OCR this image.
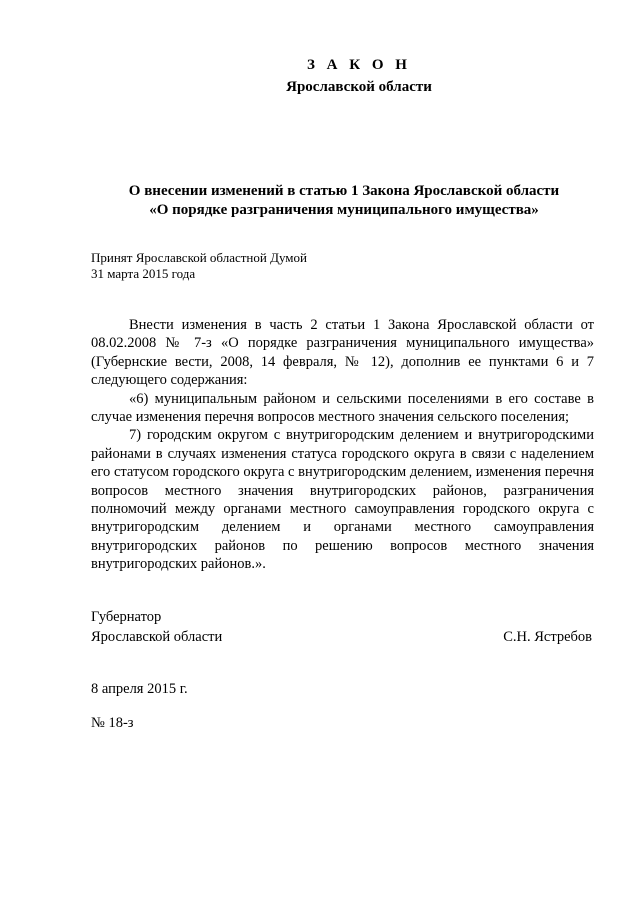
З А К О Н
Ярославской области
О внесении изменений в статью 1 Закона Ярославской области
«О порядке разграничения муниципального имущества»
Принят Ярославской областной Думой
31 марта 2015 года

Внести изменения в часть 2 статьи 1 Закона Ярославской области от 08.02.2008 № 7-з «О порядке разграничения муниципального имущества» (Губернские вести, 2008, 14 февраля, № 12), дополнив ее пунктами 6 и 7 следующего содержания:

«6) муниципальным районом и сельскими поселениями в его составе в случае изменения перечня вопросов местного значения сельского поселения;

7) городским округом с внутригородским делением и внутригородскими районами в случаях изменения статуса городского округа в связи с наделением его статусом городского округа с внутригородским делением, изменения перечня вопросов местного значения внутригородских районов, разграничения полномочий между органами местного самоуправления городского округа с внутригородским делением и органами местного самоуправления внутригородских районов по решению вопросов местного значения внутригородских районов.».

Губернатор
Ярославской области	С.Н. Ястребов
8 апреля 2015 г.
№ 18-з
